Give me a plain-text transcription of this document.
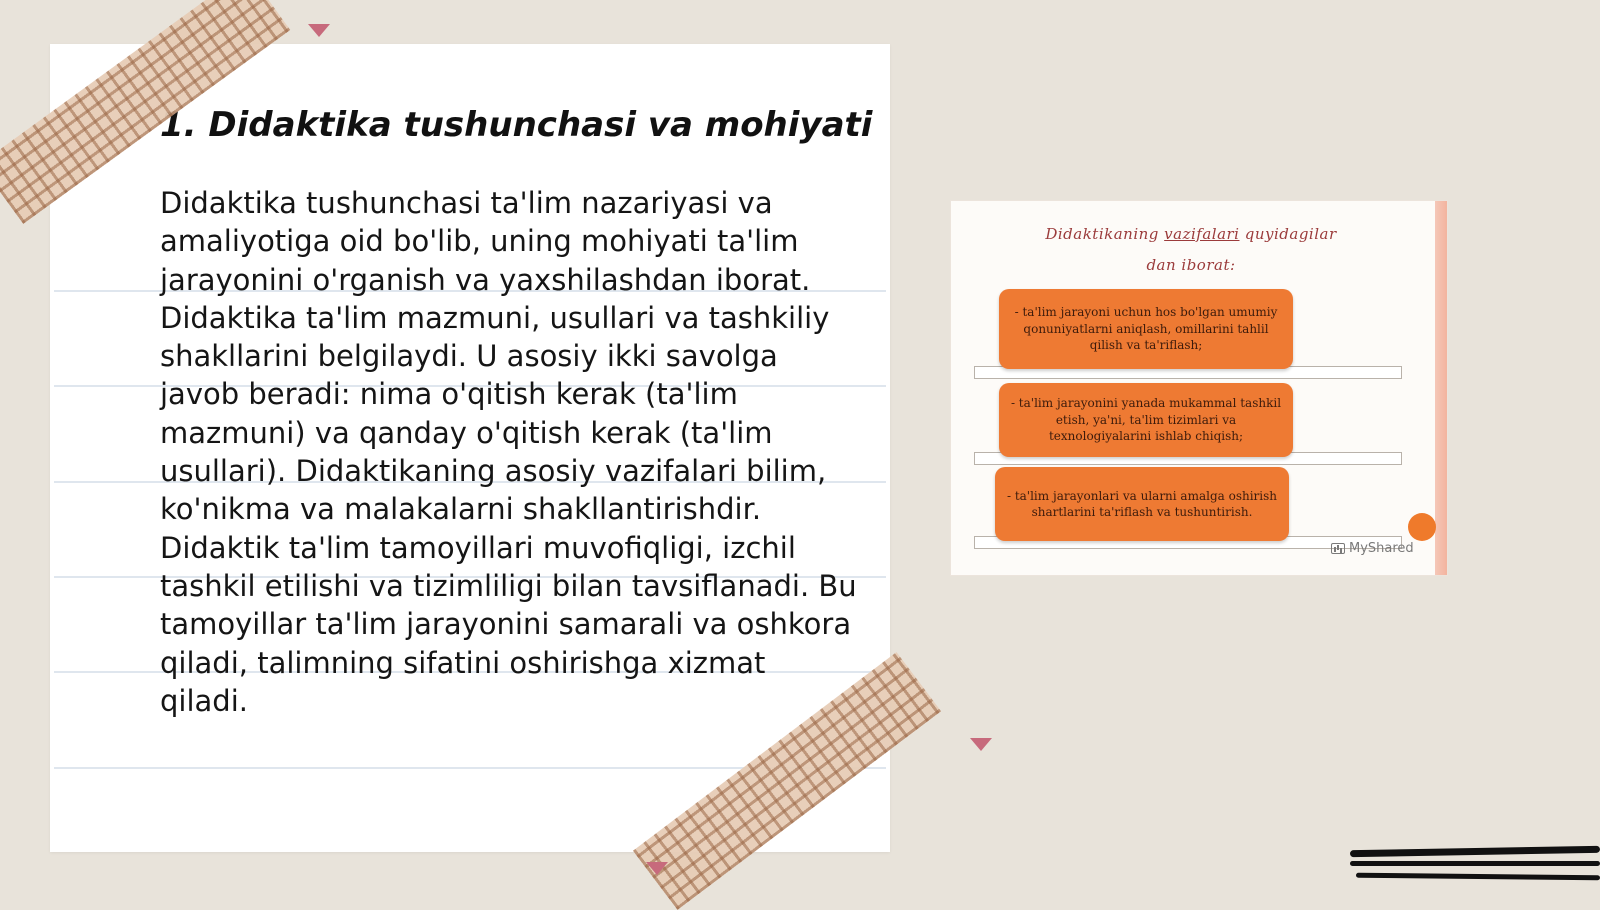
1. Didaktika tushunchasi va mohiyati

Didaktika tushunchasi ta'lim nazariyasi va amaliyotiga oid bo'lib, uning mohiyati ta'lim jarayonini o'rganish va yaxshilashdan iborat. Didaktika ta'lim mazmuni, usullari va tashkiliy shakllarini belgilaydi. U asosiy ikki savolga javob beradi: nima o'qitish kerak (ta'lim mazmuni) va qanday o'qitish kerak (ta'lim usullari). Didaktikaning asosiy vazifalari bilim, ko'nikma va malakalarni shakllantirishdir. Didaktik ta'lim tamoyillari muvofiqligi, izchil tashkil etilishi va tizimliligi bilan tavsiflanadi. Bu tamoyillar ta'lim jarayonini samarali va oshkora qiladi, talimning sifatini oshirishga xizmat qiladi.

Didaktikaning vazifalari quyidagilar
dan iborat:
- ta'lim jarayoni uchun hos bo'lgan umumiy qonuniyatlarni aniqlash, omillarini tahlil qilish va ta'riflash;
- ta'lim jarayonini yanada mukammal tashkil etish, ya'ni, ta'lim tizimlari va texnologiyalarini ishlab chiqish;
- ta'lim jarayonlari va ularni amalga oshirish shartlarini ta'riflash va tushuntirish.
MyShared
